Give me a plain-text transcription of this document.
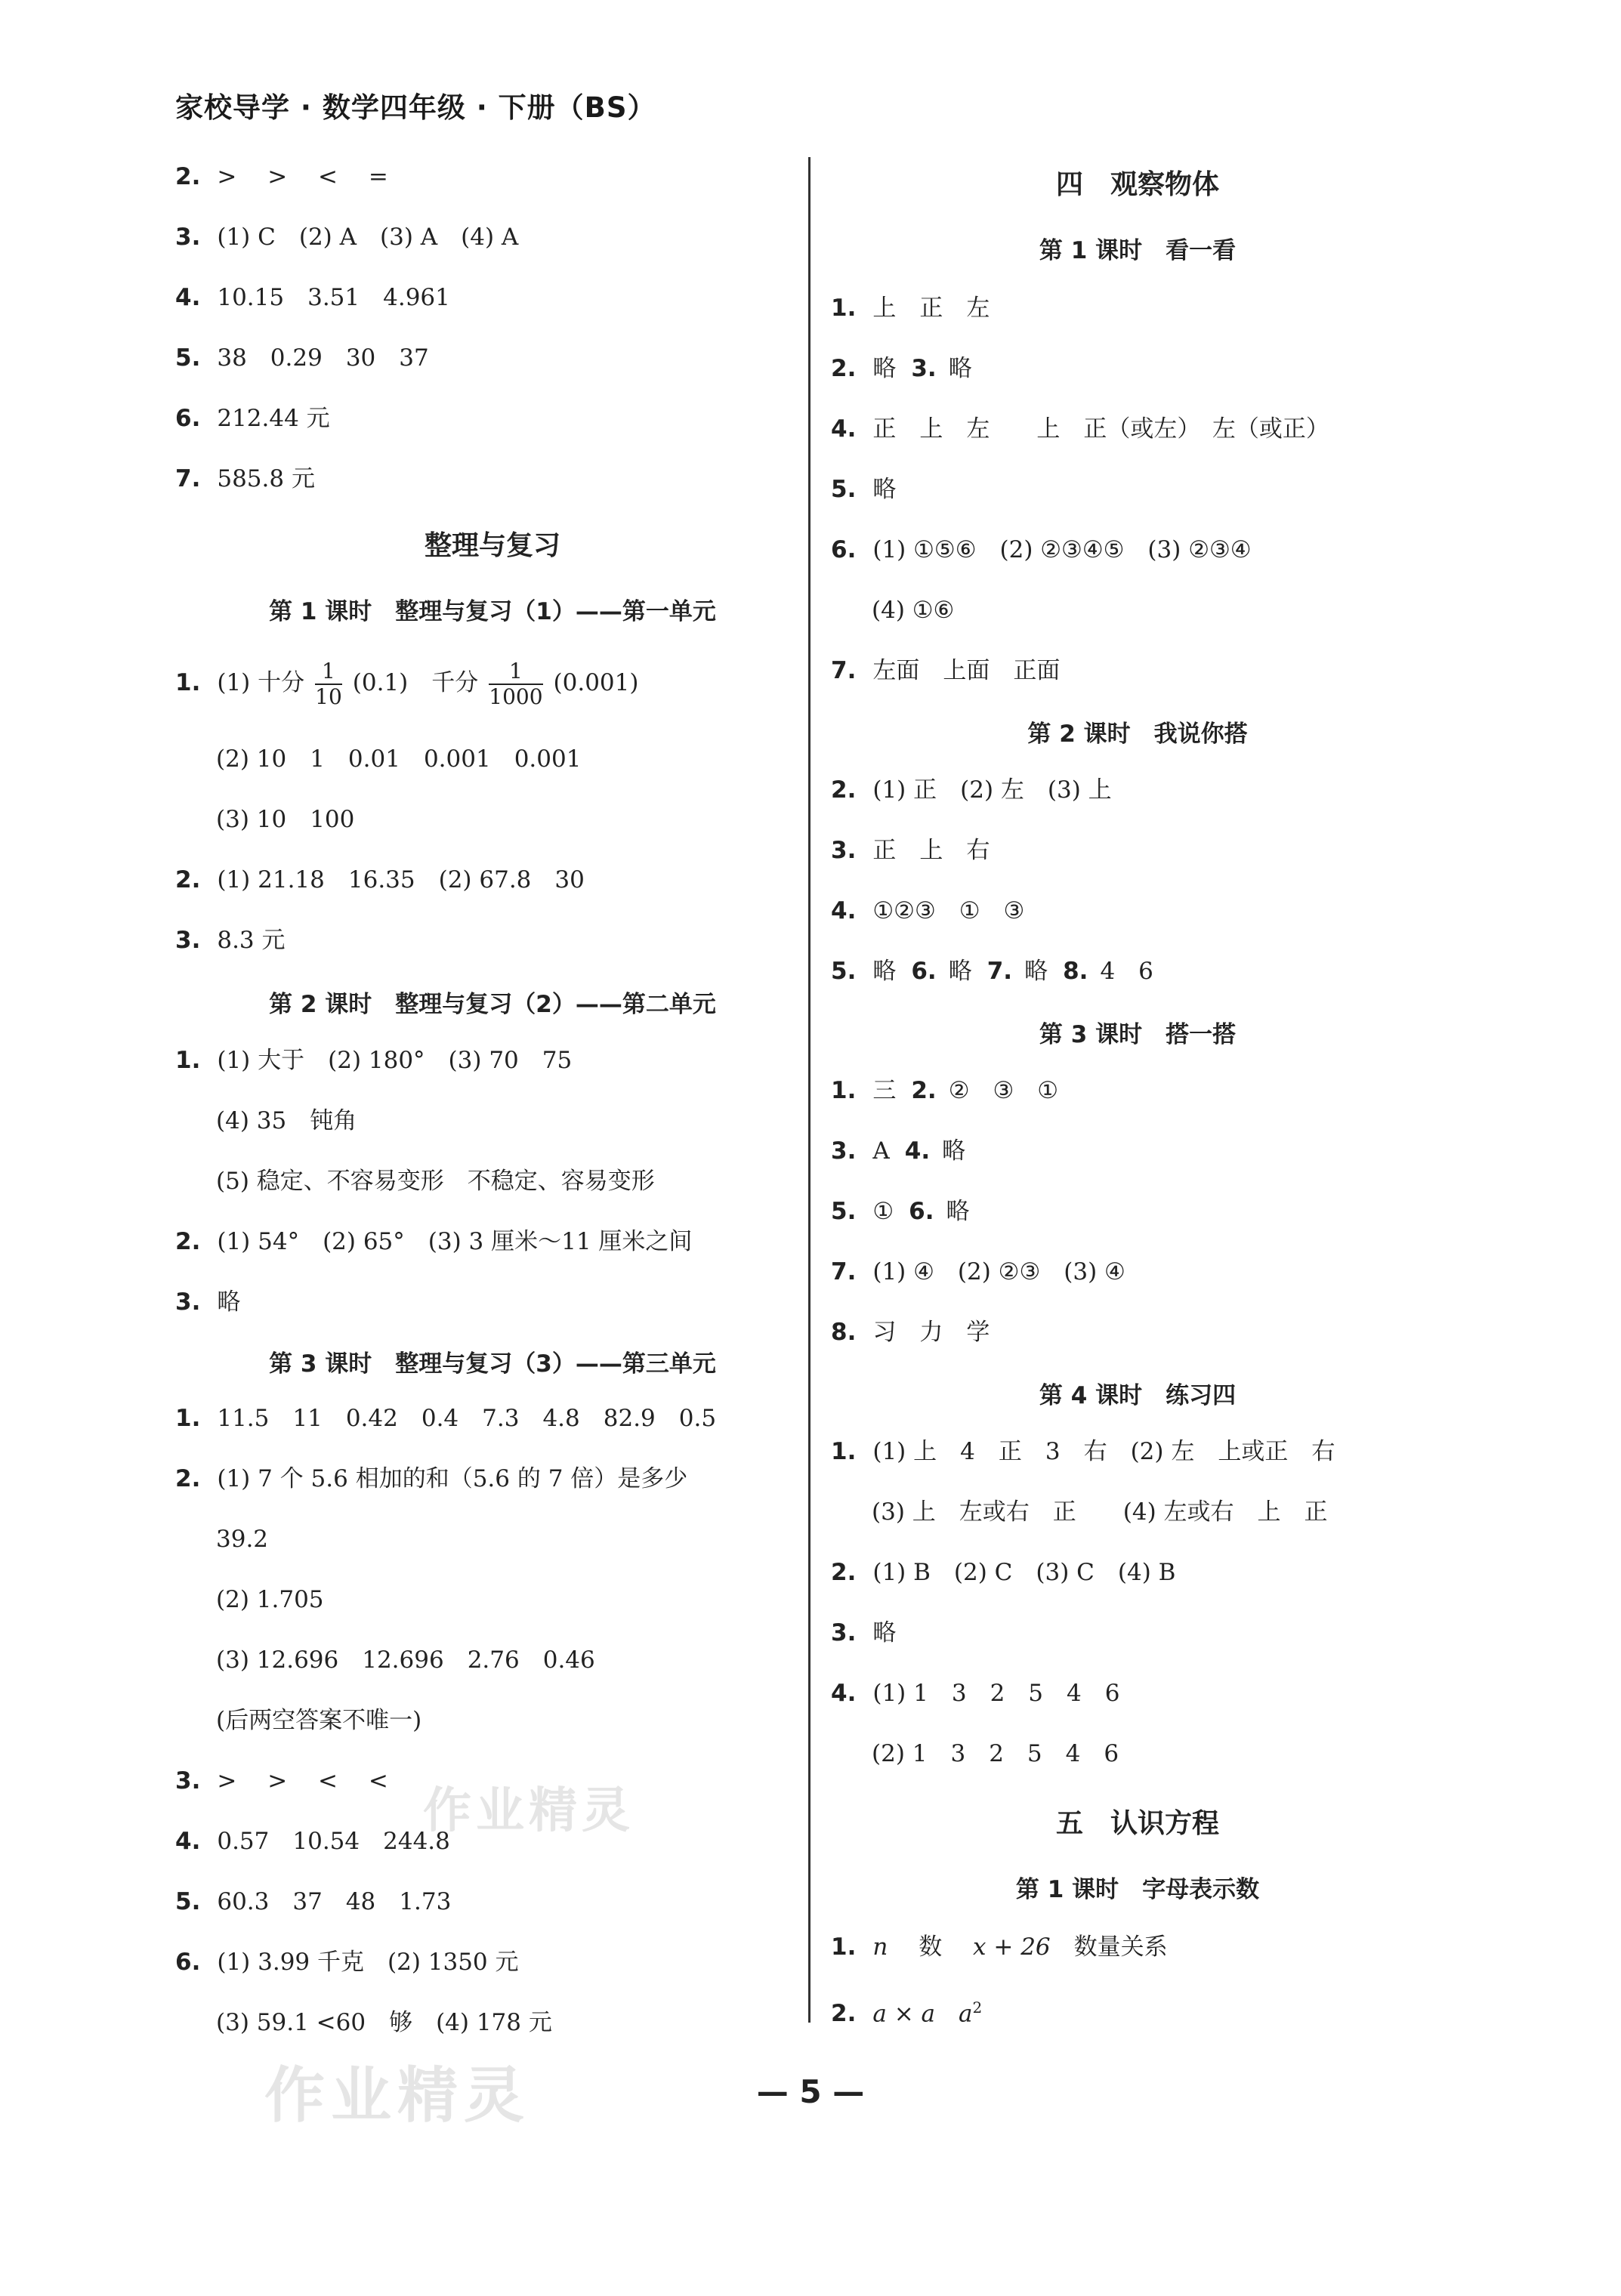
家校导学 · 数学四年级 · 下册（BS）
2. >　 >　 <　 =
3. (1) C　(2) A　(3) A　(4) A
4. 10.15　3.51　4.961
5. 38　0.29　30　37
6. 212.44 元
7. 585.8 元
整理与复习
第 1 课时　整理与复习（1）——第一单元
1. (1) 十分 $\frac{1}{10} (0.1)$　千分 $\frac{1}{1000} (0.001)$
(2) 10　1　0.01　0.001　0.001
(3) 10　100
2. (1) 21.18　16.35　(2) 67.8　30
3. 8.3 元
第 2 课时　整理与复习（2）——第二单元
1. (1) 大于　(2) 180°　(3) 70　75
(4) 35　钝角
(5) 稳定、不容易变形　不稳定、容易变形
2. (1) 54°　(2) 65°　(3) 3 厘米～11 厘米之间
3. 略
第 3 课时　整理与复习（3）——第三单元
1. 11.5　11　0.42　0.4　7.3　4.8　82.9　0.5
2. (1) 7 个 5.6 相加的和（5.6 的 7 倍）是多少
39.2
(2) 1.705
(3) 12.696　12.696　2.76　0.46
(后两空答案不唯一)
3. >　 >　 <　 <
4. 0.57　10.54　244.8
5. 60.3　37　48　1.73
6. (1) 3.99 千克　(2) 1350 元
(3) 59.1 <60　够　(4) 178 元
四　观察物体
第 1 课时　看一看
1. 上　正　左
2. 略 3. 略
4. 正　上　左　　上　正（或左）　左（或正）
5. 略
6. (1) ①⑤⑥　(2) ②③④⑤　(3) ②③④
(4) ①⑥
7. 左面　上面　正面
第 2 课时　我说你搭
2. (1) 正　(2) 左　(3) 上
3. 正　上　右
4. ①②③　①　③
5. 略 6. 略 7. 略 8. 4　6
第 3 课时　搭一搭
1. 三 2. ②　③　①
3. A 4. 略
5. ① 6. 略
7. (1) ④　(2) ②③　(3) ④
8. 习　力　学
第 4 课时　练习四
1. (1) 上　4　正　3　右　(2) 左　上或正　右
(3) 上　左或右　正　　(4) 左或右　上　正
2. (1) B　(2) C　(3) C　(4) B
3. 略
4. (1) 1　3　2　5　4　6
(2) 1　3　2　5　4　6
五　认识方程
第 1 课时　字母表示数
1. n　 数　 x + 26　 数量关系
2. a × a　 $a^2$
作业精灵
作业精灵	— 5 —
